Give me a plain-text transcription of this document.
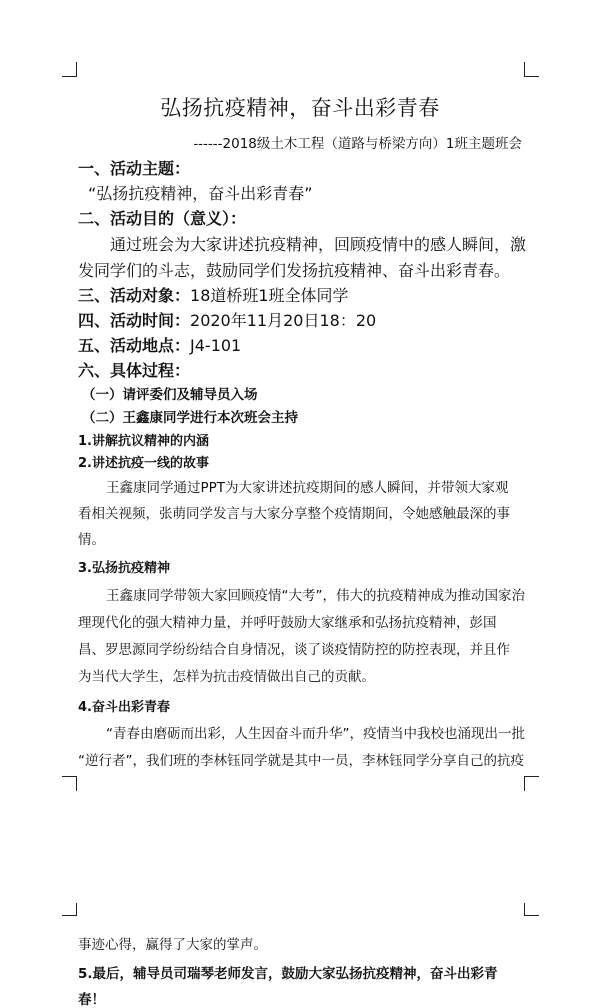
弘扬抗疫精神，奋斗出彩青春
------2018级土木工程（道路与桥梁方向）1班主题班会
一、活动主题：
“弘扬抗疫精神，奋斗出彩青春”
二、活动目的（意义）：
通过班会为大家讲述抗疫精神，回顾疫情中的感人瞬间，激
发同学们的斗志，鼓励同学们发扬抗疫精神、奋斗出彩青春。
三、活动对象：18道桥班1班全体同学
四、活动时间：2020年11月20日18：20
五、活动地点：J4-101
六、具体过程：
（一）请评委们及辅导员入场
（二）王鑫康同学进行本次班会主持
1.讲解抗议精神的内涵
2.讲述抗疫一线的故事
王鑫康同学通过PPT为大家讲述抗疫期间的感人瞬间，并带领大家观
看相关视频，张萌同学发言与大家分享整个疫情期间，令她感触最深的事
情。
3.弘扬抗疫精神
王鑫康同学带领大家回顾疫情“大考”，伟大的抗疫精神成为推动国家治
理现代化的强大精神力量，并呼吁鼓励大家继承和弘扬抗疫精神，彭国
昌、罗思源同学纷纷结合自身情况，谈了谈疫情防控的防控表现，并且作
为当代大学生，怎样为抗击疫情做出自己的贡献。
4.奋斗出彩青春
“青春由磨砺而出彩，人生因奋斗而升华”，疫情当中我校也涌现出一批
“逆行者”，我们班的李林钰同学就是其中一员，李林钰同学分享自己的抗疫
事迹心得，赢得了大家的掌声。
5.最后，辅导员司瑞琴老师发言，鼓励大家弘扬抗疫精神，奋斗出彩青
春！
